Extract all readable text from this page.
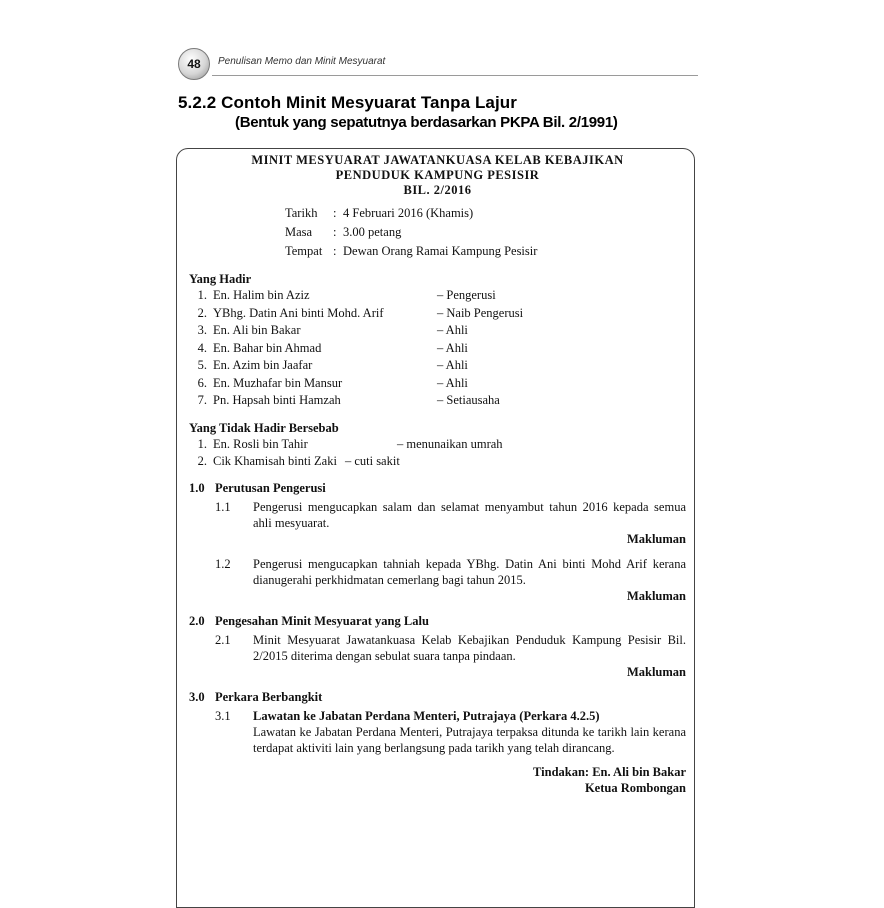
48	Penulisan Memo dan Minit Mesyuarat
5.2.2 Contoh Minit Mesyuarat Tanpa Lajur
(Bentuk yang sepatutnya berdasarkan PKPA Bil. 2/1991)
MINIT MESYUARAT JAWATANKUASA KELAB KEBAJIKAN
PENDUDUK KAMPUNG PESISIR
BIL. 2/2016
Tarikh	: 4 Februari 2016 (Khamis)
Masa	: 3.00 petang
Tempat : Dewan Orang Ramai Kampung Pesisir
Yang Hadir
1. En. Halim bin Aziz	– Pengerusi
2. YBhg. Datin Ani binti Mohd. Arif	– Naib Pengerusi
3. En. Ali bin Bakar	– Ahli
4. En. Bahar bin Ahmad	– Ahli
5. En. Azim bin Jaafar	– Ahli
6. En. Muzhafar bin Mansur	– Ahli
7. Pn. Hapsah binti Hamzah	– Setiausaha
Yang Tidak Hadir Bersebab
1. En. Rosli bin Tahir	– menunaikan umrah
2. Cik Khamisah binti Zaki – cuti sakit
1.0 Perutusan Pengerusi
1.1	Pengerusi mengucapkan salam dan selamat menyambut tahun 2016 kepada semua ahli mesyuarat.
Makluman
1.2	Pengerusi mengucapkan tahniah kepada YBhg. Datin Ani binti Mohd Arif kerana dianugerahi perkhidmatan cemerlang bagi tahun 2015.
Makluman
2.0 Pengesahan Minit Mesyuarat yang Lalu
2.1	Minit Mesyuarat Jawatankuasa Kelab Kebajikan Penduduk Kampung Pesisir Bil. 2/2015 diterima dengan sebulat suara tanpa pindaan.
Makluman
3.0 Perkara Berbangkit
3.1	Lawatan ke Jabatan Perdana Menteri, Putrajaya (Perkara 4.2.5)
Lawatan ke Jabatan Perdana Menteri, Putrajaya terpaksa ditunda ke tarikh lain kerana terdapat aktiviti lain yang berlangsung pada tarikh yang telah dirancang.
Tindakan: En. Ali bin Bakar
Ketua Rombongan
